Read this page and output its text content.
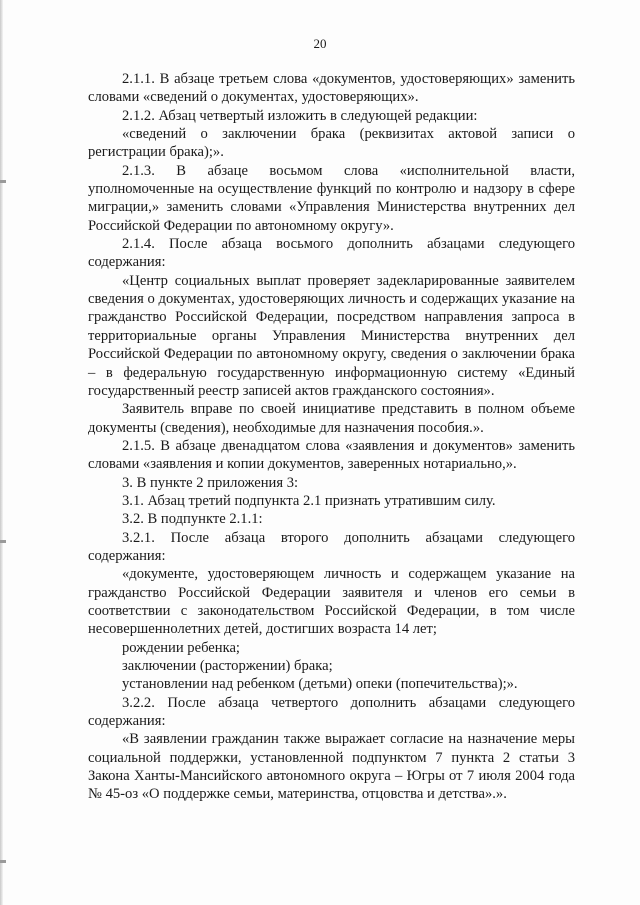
20

2.1.1. В абзаце третьем слова «документов, удостоверяющих» заменить словами «сведений о документах, удостоверяющих».

2.1.2. Абзац четвертый изложить в следующей редакции:

«сведений о заключении брака (реквизитах актовой записи о регистрации брака);».

2.1.3. В абзаце восьмом слова «исполнительной власти, уполномоченные на осуществление функций по контролю и надзору в сфере миграции,» заменить словами «Управления Министерства внутренних дел Российской Федерации по автономному округу».

2.1.4. После абзаца восьмого дополнить абзацами следующего содержания:

«Центр социальных выплат проверяет задекларированные заявителем сведения о документах, удостоверяющих личность и содержащих указание на гражданство Российской Федерации, посредством направления запроса в территориальные органы Управления Министерства внутренних дел Российской Федерации по автономному округу, сведения о заключении брака – в федеральную государственную информационную систему «Единый государственный реестр записей актов гражданского состояния».

Заявитель вправе по своей инициативе представить в полном объеме документы (сведения), необходимые для назначения пособия.».

2.1.5. В абзаце двенадцатом слова «заявления и документов» заменить словами «заявления и копии документов, заверенных нотариально,».

3. В пункте 2 приложения 3:

3.1. Абзац третий подпункта 2.1 признать утратившим силу.

3.2. В подпункте 2.1.1:

3.2.1. После абзаца второго дополнить абзацами следующего содержания:

«документе, удостоверяющем личность и содержащем указание на гражданство Российской Федерации заявителя и членов его семьи в соответствии с законодательством Российской Федерации, в том числе несовершеннолетних детей, достигших возраста 14 лет;

рождении ребенка;

заключении (расторжении) брака;

установлении над ребенком (детьми) опеки (попечительства);».

3.2.2. После абзаца четвертого дополнить абзацами следующего содержания:

«В заявлении гражданин также выражает согласие на назначение меры социальной поддержки, установленной подпунктом 7 пункта 2 статьи 3 Закона Ханты-Мансийского автономного округа – Югры от 7 июля 2004 года № 45-оз «О поддержке семьи, материнства, отцовства и детства».».
